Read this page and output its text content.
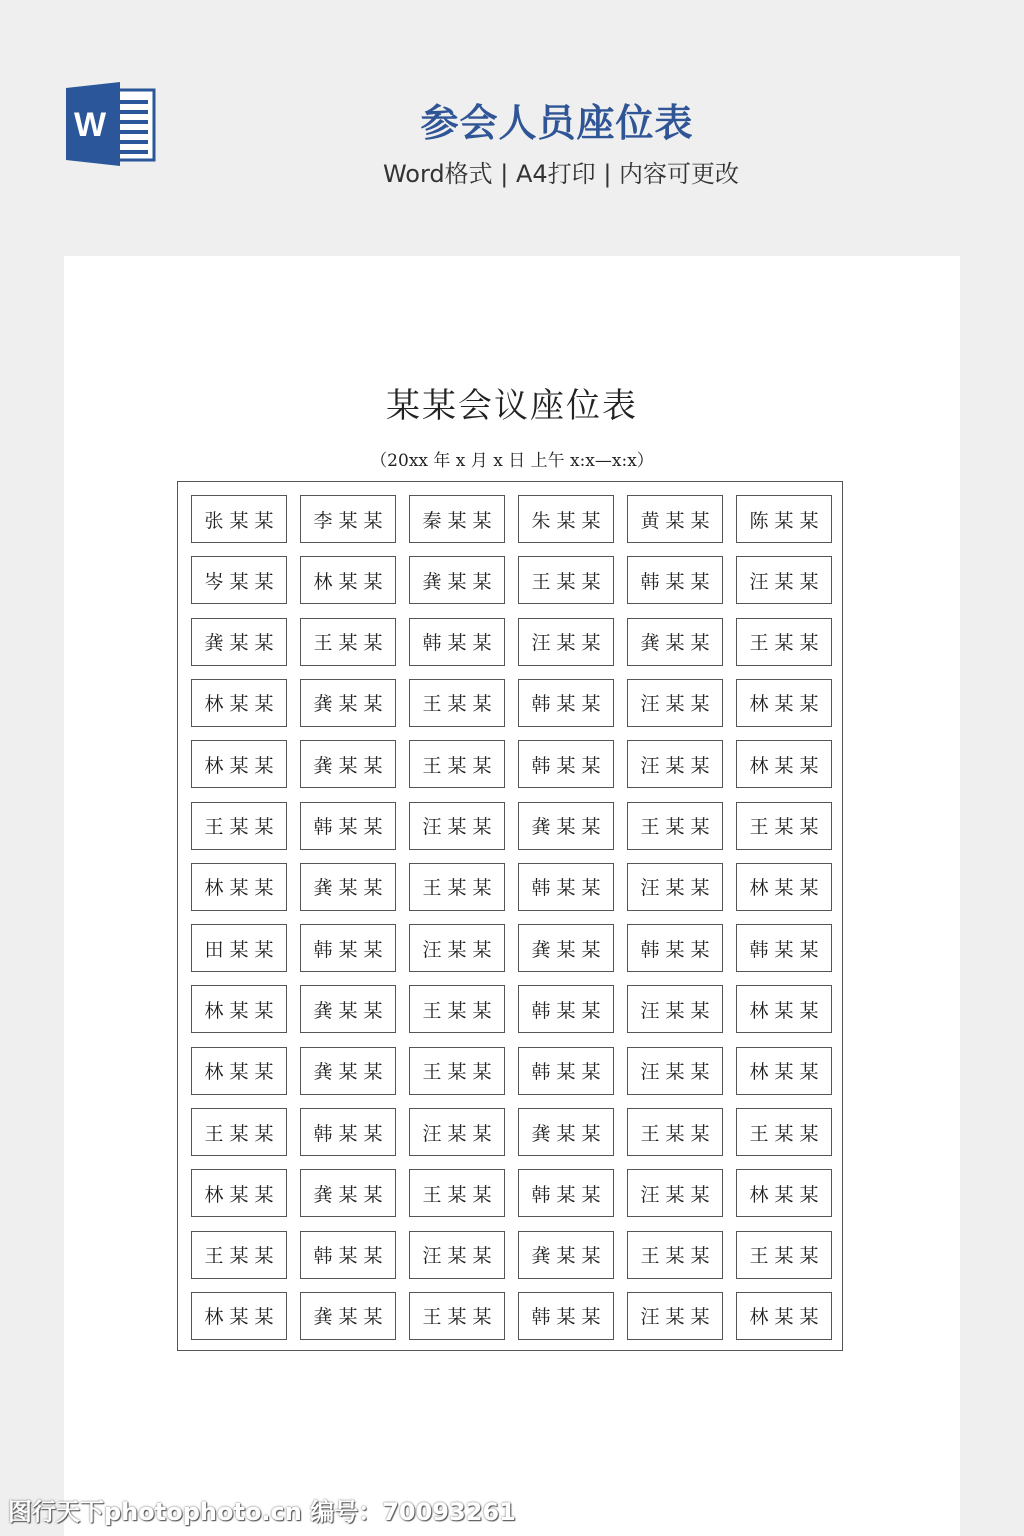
W	参会人员座位表
Word格式 | A4打印 | 内容可更改
某某会议座位表
（20xx 年 x 月 x 日 上午 x:x—x:x）
张某某	李某某	秦某某	朱某某	黄某某	陈某某
岑某某	林某某	龚某某	王某某	韩某某	汪某某
龚某某	王某某	韩某某	汪某某	龚某某	王某某
林某某	龚某某	王某某	韩某某	汪某某	林某某
林某某	龚某某	王某某	韩某某	汪某某	林某某
王某某	韩某某	汪某某	龚某某	王某某	王某某
林某某	龚某某	王某某	韩某某	汪某某	林某某
田某某	韩某某	汪某某	龚某某	韩某某	韩某某
林某某	龚某某	王某某	韩某某	汪某某	林某某
林某某	龚某某	王某某	韩某某	汪某某	林某某
王某某	韩某某	汪某某	龚某某	王某某	王某某
林某某	龚某某	王某某	韩某某	汪某某	林某某
王某某	韩某某	汪某某	龚某某	王某某	王某某
林某某	龚某某	王某某	韩某某	汪某某	林某某
图行天下photophoto.cn 编号：70093261
